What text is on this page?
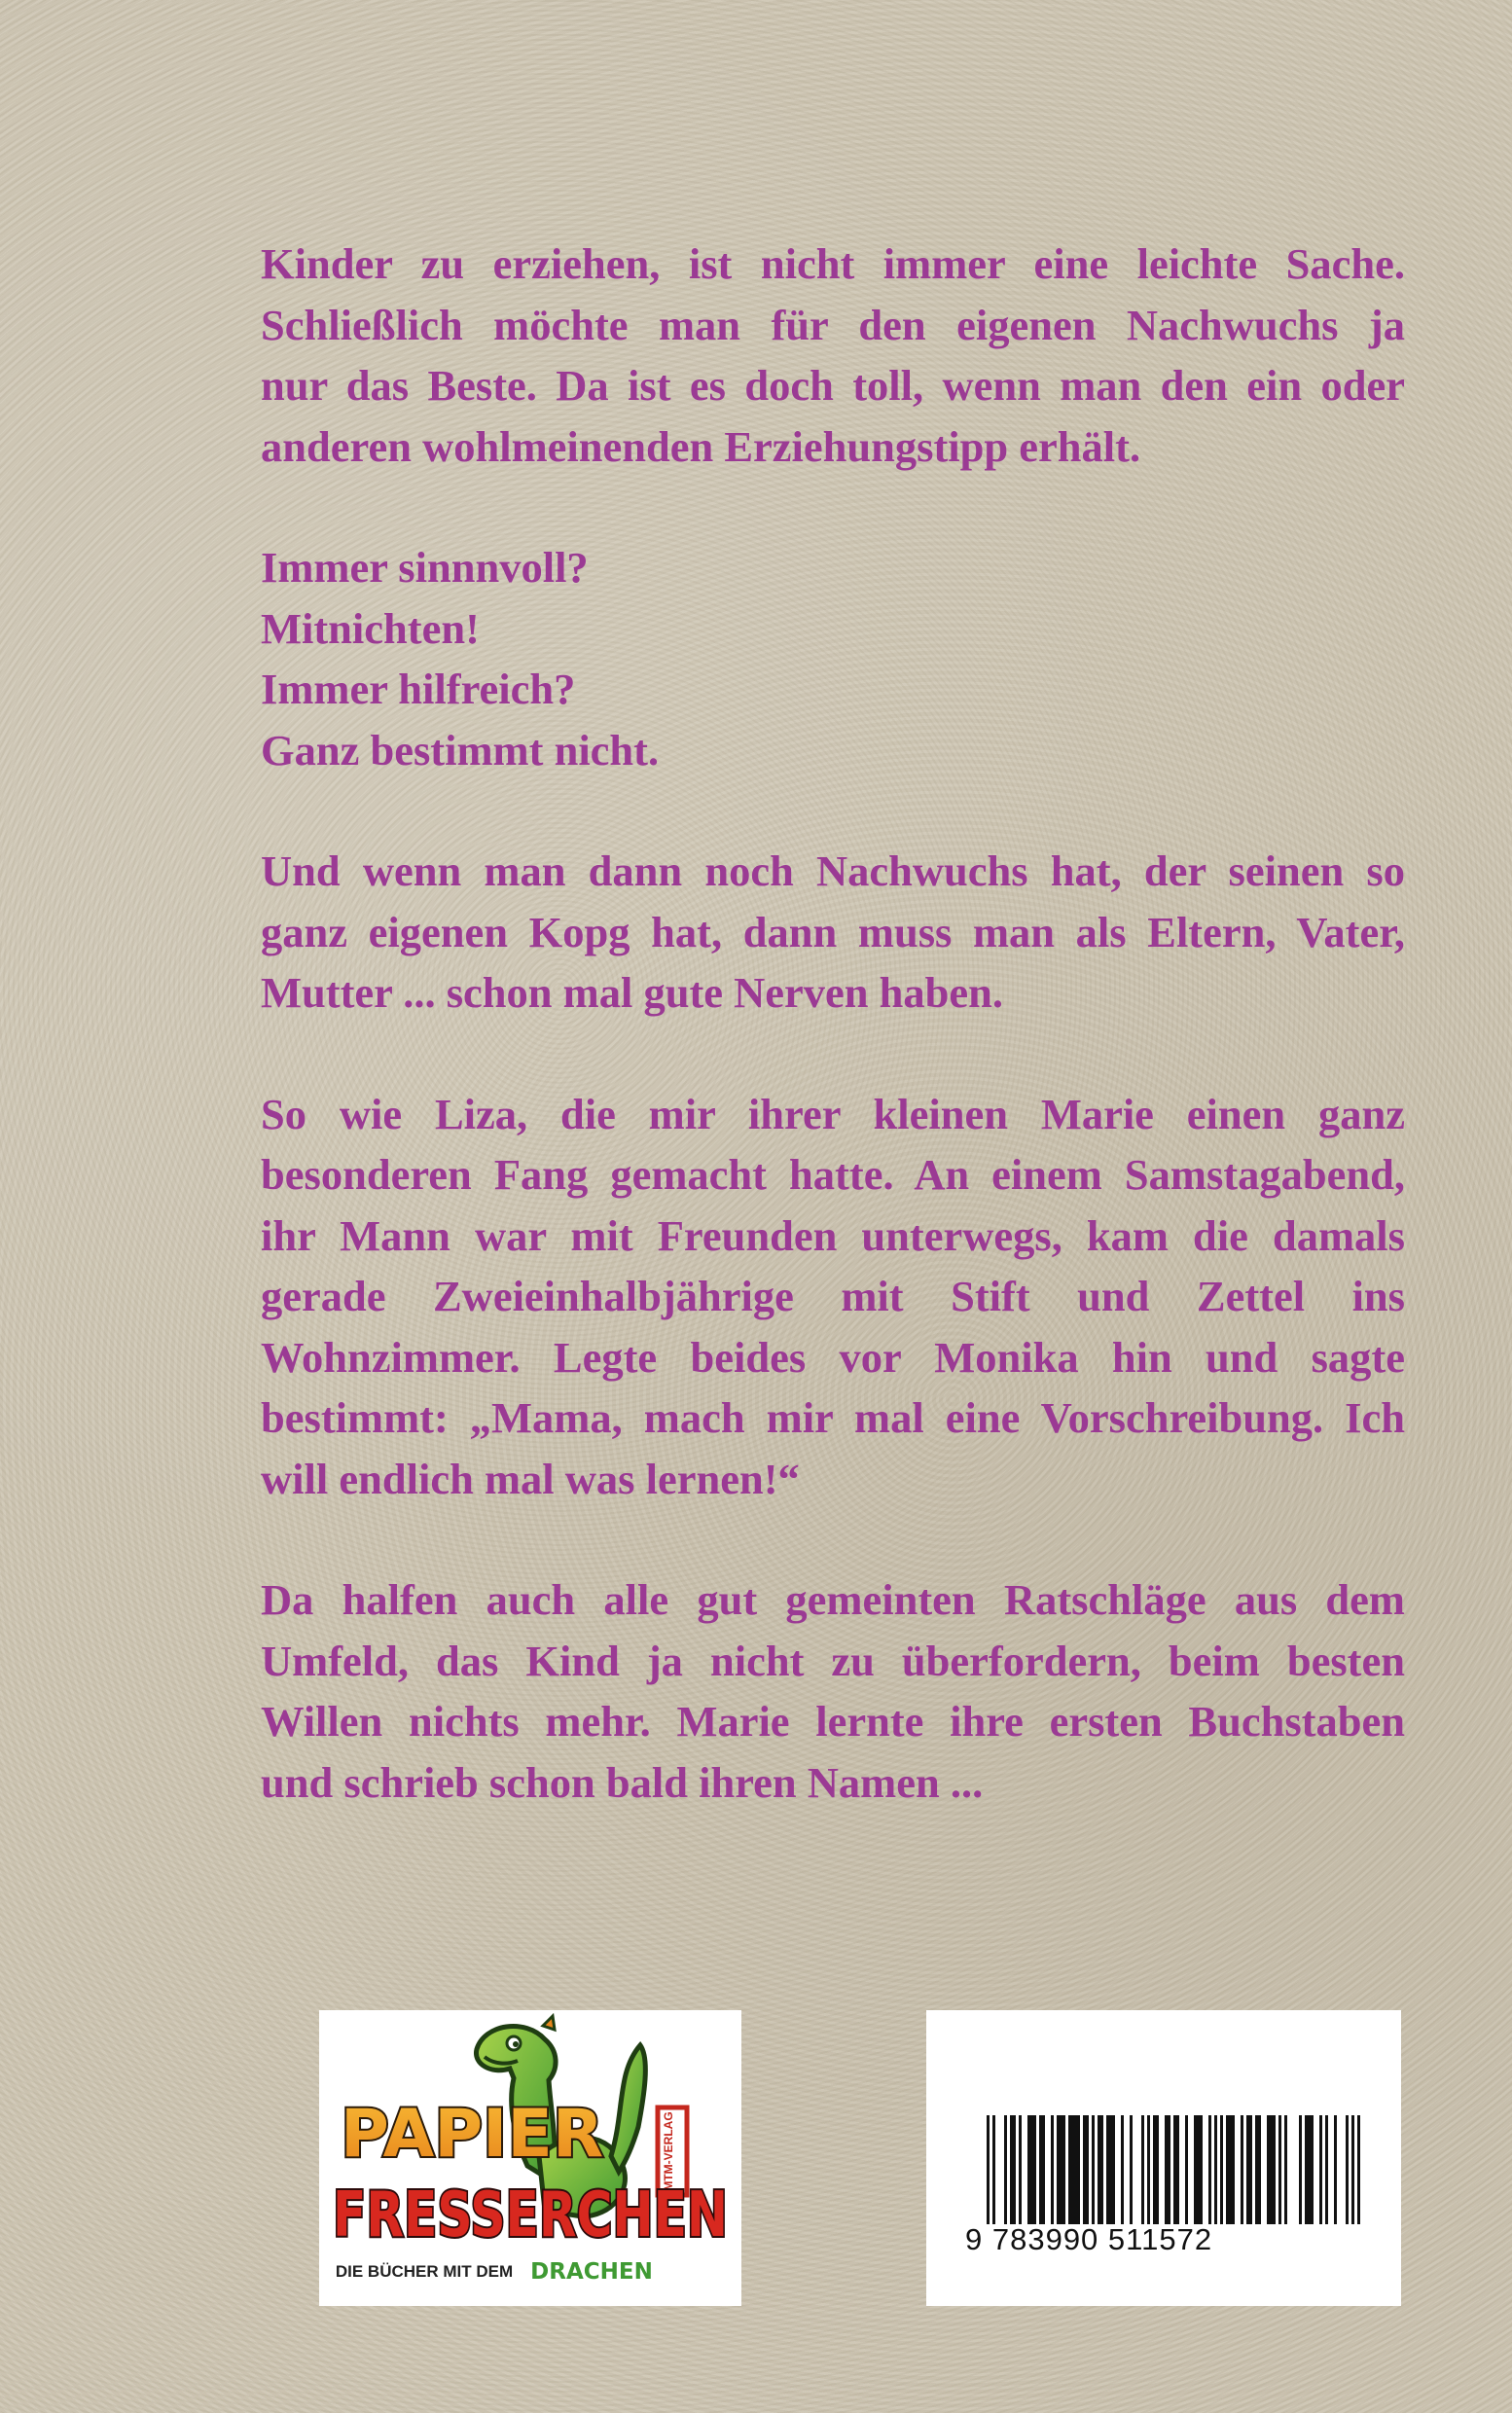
Kinder zu erziehen, ist nicht immer eine leichte Sache.
Schließlich möchte man für den eigenen Nachwuchs ja
nur das Beste. Da ist es doch toll, wenn man den ein oder
anderen wohlmeinenden Erziehungstipp erhält.
Immer sinnnvoll?
Mitnichten!
Immer hilfreich?
Ganz bestimmt nicht.
Und wenn man dann noch Nachwuchs hat, der seinen so
ganz eigenen Kopg hat, dann muss man als Eltern, Vater,
Mutter ... schon mal gute Nerven haben.
So wie Liza, die mir ihrer kleinen Marie einen ganz
besonderen Fang gemacht hatte. An einem Samstagabend,
ihr Mann war mit Freunden unterwegs, kam die damals
gerade Zweieinhalbjährige mit Stift und Zettel ins
Wohnzimmer. Legte beides vor Monika hin und sagte
bestimmt: „Mama, mach mir mal eine Vorschreibung. Ich
will endlich mal was lernen!“
Da halfen auch alle gut gemeinten Ratschläge aus dem
Umfeld, das Kind ja nicht zu überfordern, beim besten
Willen nichts mehr. Marie lernte ihre ersten Buchstaben
und schrieb schon bald ihren Namen ...
MTM-VERLAG
PAPIER
FRESSERCHEN
DIE BÜCHER MIT DEM DRACHEN
9 783990 511572
